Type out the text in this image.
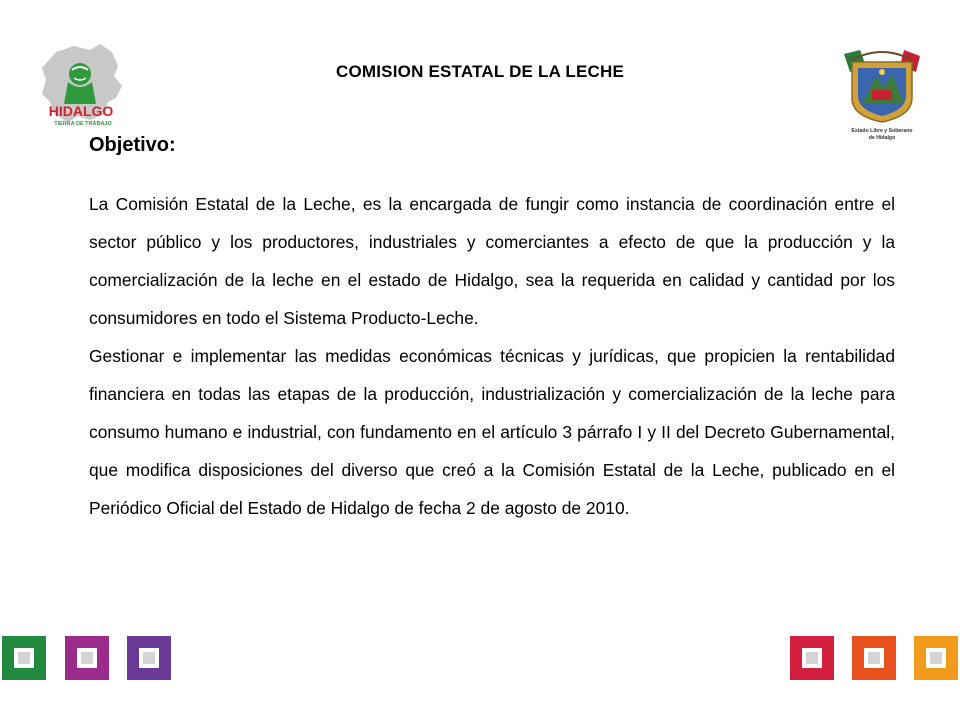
HIDALGO
TIERRA DE TRABAJO
COMISION ESTATAL DE LA LECHE
Estado Libre y Soberano
de Hidalgo
Objetivo:

La Comisión Estatal de la Leche, es la encargada de fungir como instancia de coordinación entre el sector público y los productores, industriales y comerciantes a efecto de que la producción y la comercialización de la leche en el estado de Hidalgo, sea la requerida en calidad y cantidad por los consumidores en todo el Sistema Producto-Leche.

Gestionar e implementar las medidas económicas técnicas y jurídicas, que propicien la rentabilidad financiera en todas las etapas de la producción, industrialización y comercialización de la leche para consumo humano e industrial, con fundamento en el artículo 3 párrafo I y II del Decreto Gubernamental, que modifica disposiciones del diverso que creó a la Comisión Estatal de la Leche, publicado en el Periódico Oficial del Estado de Hidalgo de fecha 2 de agosto de 2010.
